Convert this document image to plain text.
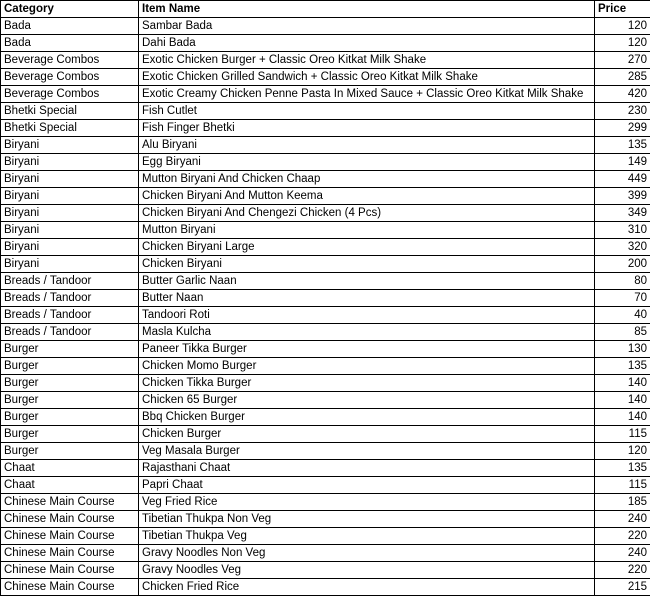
Category	Item Name	Price
Bada	Sambar Bada	120
Bada	Dahi Bada	120
Beverage Combos	Exotic Chicken Burger + Classic Oreo Kitkat Milk Shake	270
Beverage Combos	Exotic Chicken Grilled Sandwich + Classic Oreo Kitkat Milk Shake	285
Beverage Combos	Exotic Creamy Chicken Penne Pasta In Mixed Sauce + Classic Oreo Kitkat Milk Shake	420
Bhetki Special	Fish Cutlet	230
Bhetki Special	Fish Finger Bhetki	299
Biryani	Alu Biryani	135
Biryani	Egg Biryani	149
Biryani	Mutton Biryani And Chicken Chaap	449
Biryani	Chicken Biryani And Mutton Keema	399
Biryani	Chicken Biryani And Chengezi Chicken (4 Pcs)	349
Biryani	Mutton Biryani	310
Biryani	Chicken Biryani Large	320
Biryani	Chicken Biryani	200
Breads / Tandoor	Butter Garlic Naan	80
Breads / Tandoor	Butter Naan	70
Breads / Tandoor	Tandoori Roti	40
Breads / Tandoor	Masla Kulcha	85
Burger	Paneer Tikka Burger	130
Burger	Chicken Momo Burger	135
Burger	Chicken Tikka Burger	140
Burger	Chicken 65 Burger	140
Burger	Bbq Chicken Burger	140
Burger	Chicken Burger	115
Burger	Veg Masala Burger	120
Chaat	Rajasthani Chaat	135
Chaat	Papri Chaat	115
Chinese Main Course	Veg Fried Rice	185
Chinese Main Course	Tibetian Thukpa Non Veg	240
Chinese Main Course	Tibetian Thukpa Veg	220
Chinese Main Course	Gravy Noodles Non Veg	240
Chinese Main Course	Gravy Noodles Veg	220
Chinese Main Course	Chicken Fried Rice	215
